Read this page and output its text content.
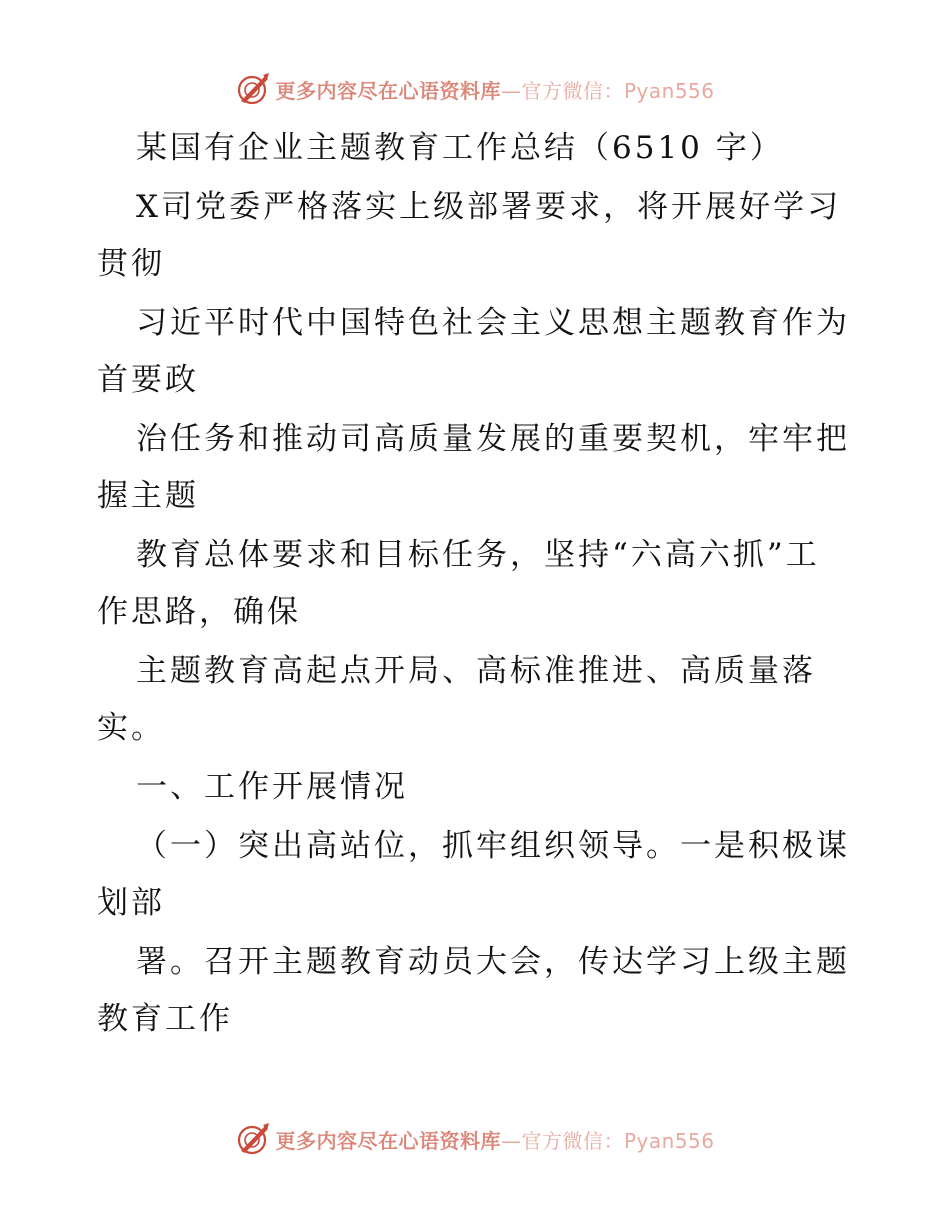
更多内容尽在心语资料库—官方微信：Pyan556
某国有企业主题教育工作总结（6510 字）
X司党委严格落实上级部署要求，将开展好学习
贯彻
习近平时代中国特色社会主义思想主题教育作为
首要政
治任务和推动司高质量发展的重要契机，牢牢把
握主题
教育总体要求和目标任务，坚持“六高六抓”工
作思路，确保
主题教育高起点开局、高标准推进、高质量落
实。
一、工作开展情况
（一）突出高站位，抓牢组织领导。一是积极谋
划部
署。召开主题教育动员大会，传达学习上级主题
教育工作
更多内容尽在心语资料库—官方微信：Pyan556
